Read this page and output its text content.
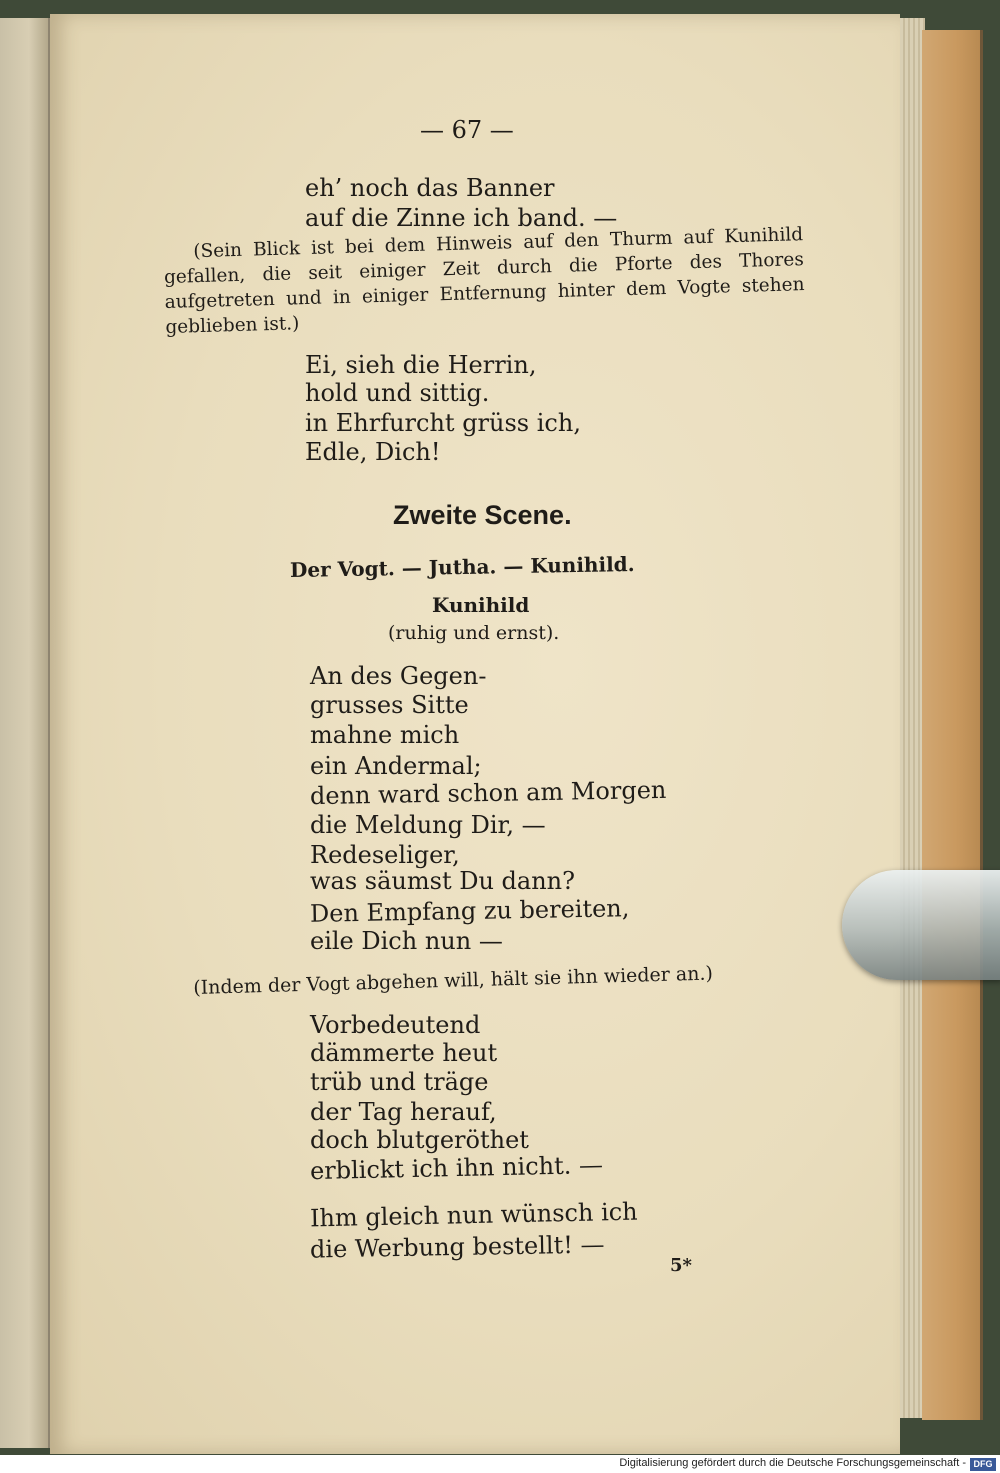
— 67 —
eh’ noch das Banner
auf die Zinne ich band. —
(Sein Blick ist bei dem Hinweis auf den Thurm auf Kunihild gefallen, die seit einiger Zeit durch die Pforte des Thores aufgetreten und in einiger Entfernung hinter dem Vogte stehen geblieben ist.)
Ei, sieh die Herrin,
hold und sittig.
in Ehrfurcht grüss ich,
Edle, Dich!
Zweite Scene.
Der Vogt. — Jutha. — Kunihild.
Kunihild
(ruhig und ernst).
An des Gegen-
grusses Sitte
mahne mich
ein Andermal;
denn ward schon am Morgen
die Meldung Dir, —
Redeseliger,
was säumst Du dann?
Den Empfang zu bereiten,
eile Dich nun —
(Indem der Vogt abgehen will, hält sie ihn wieder an.)
Vorbedeutend
dämmerte heut
trüb und träge
der Tag herauf,
doch blutgeröthet
erblickt ich ihn nicht. —
Ihm gleich nun wünsch ich
die Werbung bestellt! —
5*
Digitalisierung gefördert durch die Deutsche Forschungsgemeinschaft - DFG
